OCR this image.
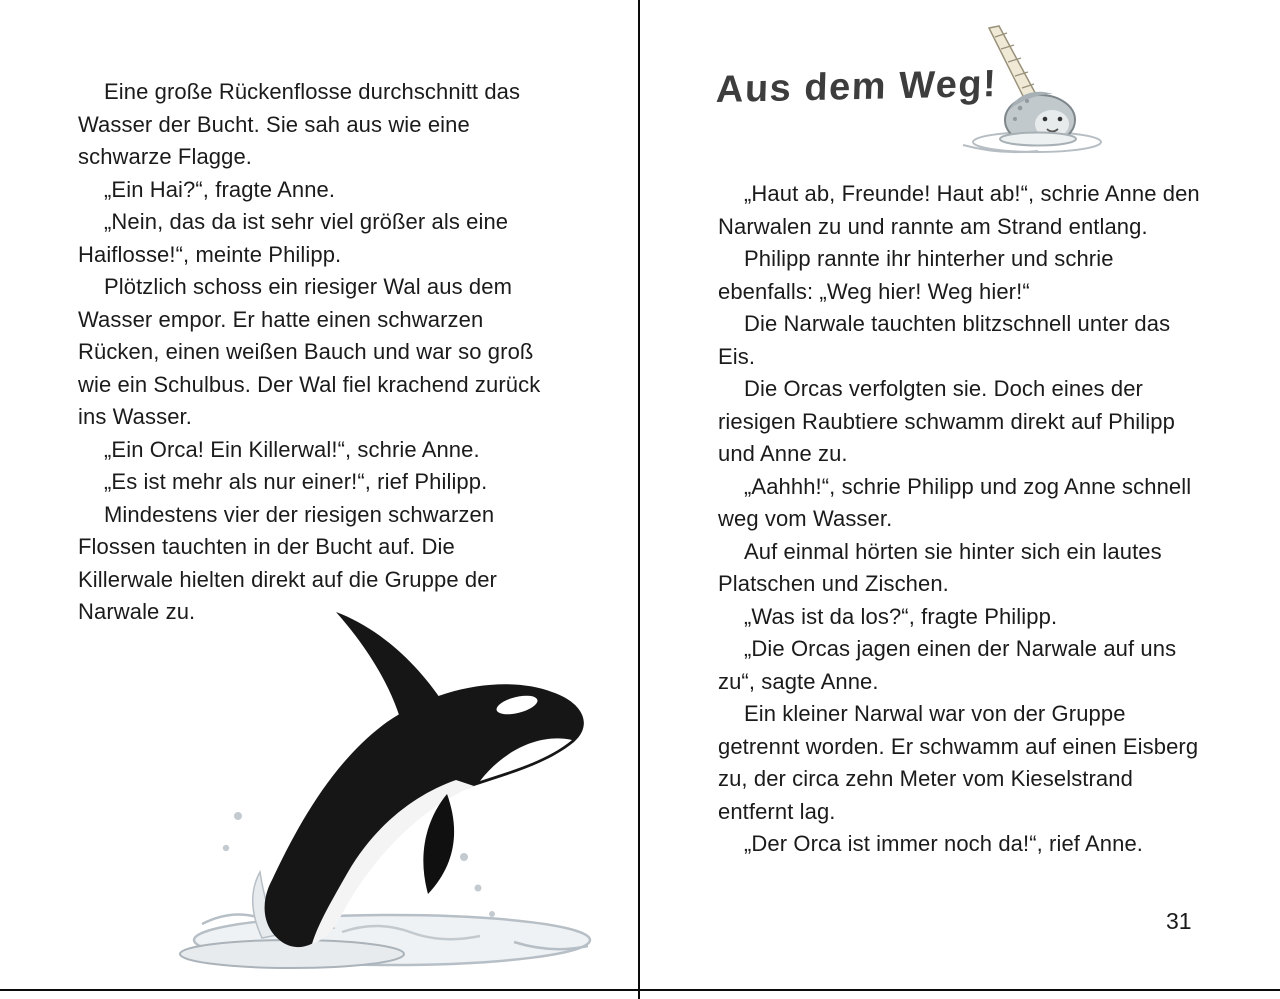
Eine große Rückenflosse durchschnitt das Wasser der Bucht. Sie sah aus wie eine schwarze Flagge.

„Ein Hai?“, fragte Anne.

„Nein, das da ist sehr viel größer als eine Haiflosse!“, meinte Philipp.

Plötzlich schoss ein riesiger Wal aus dem Wasser empor. Er hatte einen schwarzen Rücken, einen weißen Bauch und war so groß wie ein Schulbus. Der Wal fiel krachend zurück ins Wasser.

„Ein Orca! Ein Killerwal!“, schrie Anne.

„Es ist mehr als nur einer!“, rief Philipp.

Mindestens vier der riesigen schwarzen Flossen tauchten in der Bucht auf. Die Killerwale hielten direkt auf die Gruppe der Narwale zu.

Aus dem Weg!

„Haut ab, Freunde! Haut ab!“, schrie Anne den Narwalen zu und rannte am Strand entlang.

Philipp rannte ihr hinterher und schrie ebenfalls: „Weg hier! Weg hier!“

Die Narwale tauchten blitzschnell unter das Eis.

Die Orcas verfolgten sie. Doch eines der riesigen Raubtiere schwamm direkt auf Philipp und Anne zu.

„Aahhh!“, schrie Philipp und zog Anne schnell weg vom Wasser.

Auf einmal hörten sie hinter sich ein lautes Platschen und Zischen.

„Was ist da los?“, fragte Philipp.

„Die Orcas jagen einen der Narwale auf uns zu“, sagte Anne.

Ein kleiner Narwal war von der Gruppe getrennt worden. Er schwamm auf einen Eisberg zu, der circa zehn Meter vom Kieselstrand entfernt lag.

„Der Orca ist immer noch da!“, rief Anne.

31
